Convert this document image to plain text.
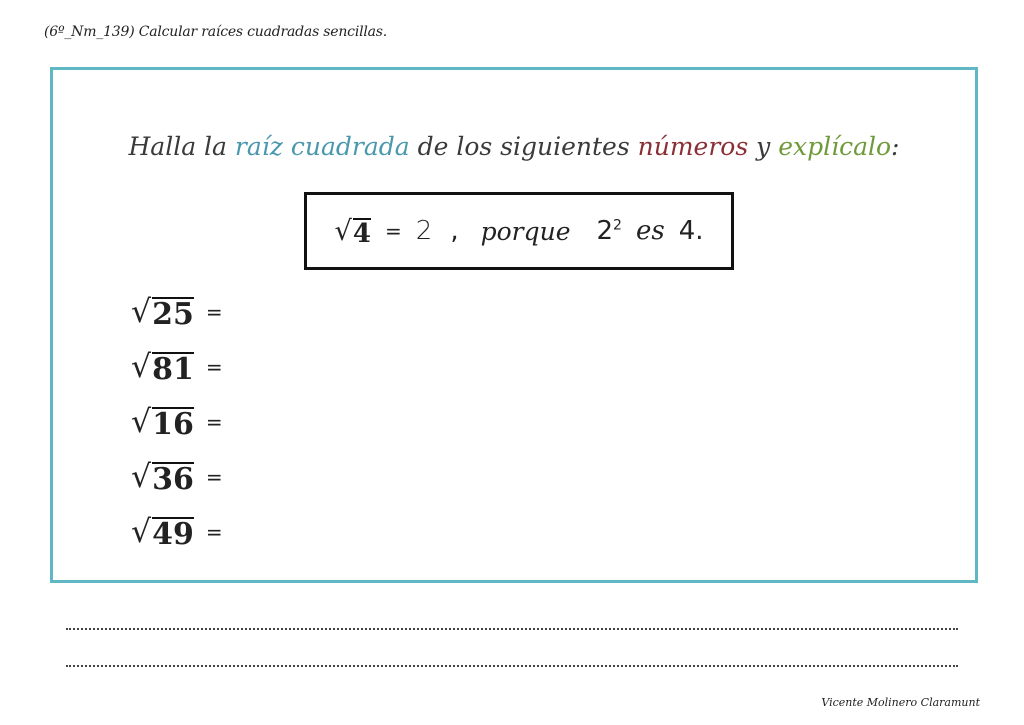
(6º_Nm_139) Calcular raíces cuadradas sencillas.
Halla la raíz cuadrada de los siguientes números y explícalo:
√ 4 = 2 , porque $2^2$ es 4.
√ 25 =
√ 81 =
√ 16 =
√ 36 =
√ 49 =
Vicente Molinero Claramunt
